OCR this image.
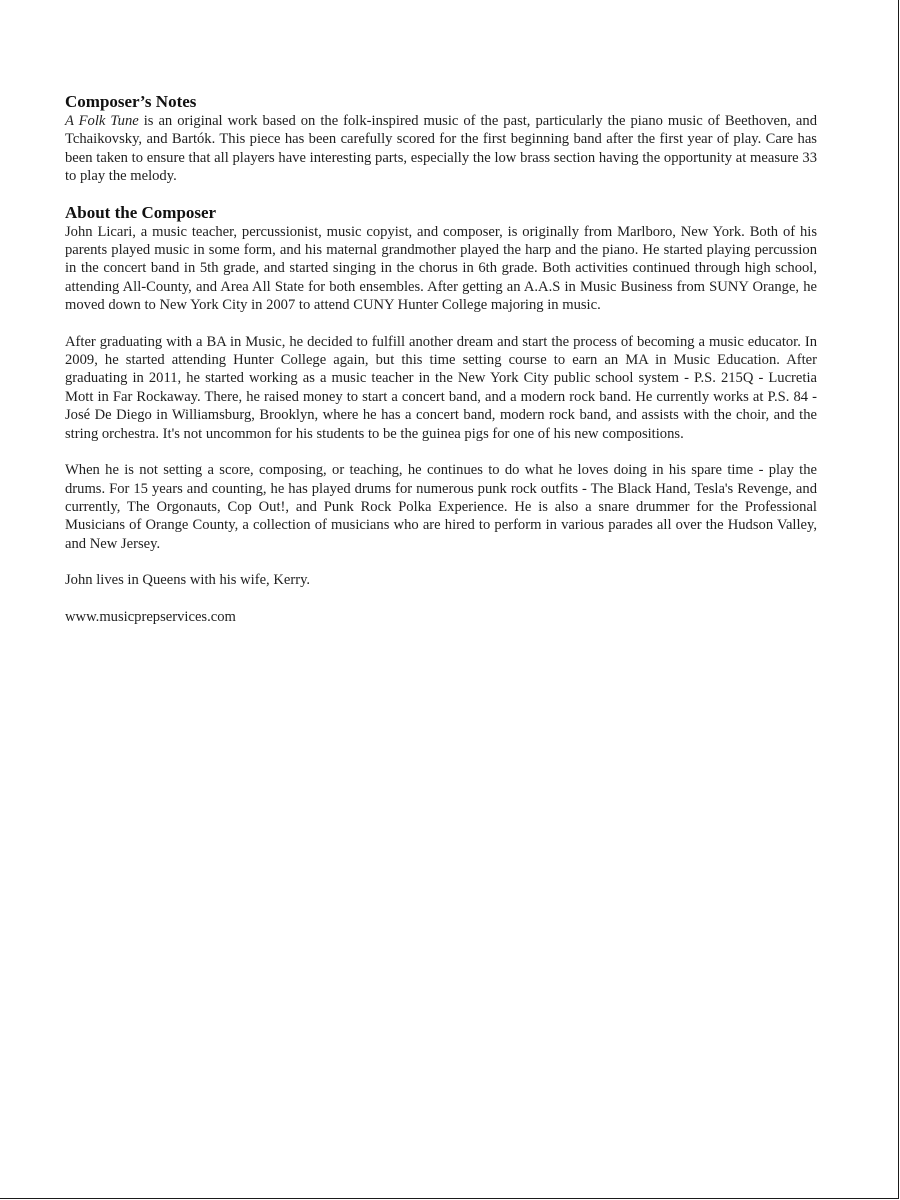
Composer’s Notes

A Folk Tune is an original work based on the folk-inspired music of the past, particularly the piano music of Beethoven, and Tchaikovsky, and Bartók. This piece has been carefully scored for the first beginning band after the first year of play. Care has been taken to ensure that all players have interesting parts, especially the low brass section having the opportunity at measure 33 to play the melody.

About the Composer

John Licari, a music teacher, percussionist, music copyist, and composer, is originally from Marlboro, New York. Both of his parents played music in some form, and his maternal grandmother played the harp and the piano. He started playing percussion in the concert band in 5th grade, and started singing in the chorus in 6th grade. Both activities continued through high school, attending All-County, and Area All State for both ensembles. After getting an A.A.S in Music Business from SUNY Orange, he moved down to New York City in 2007 to attend CUNY Hunter College majoring in music.

After graduating with a BA in Music, he decided to fulfill another dream and start the process of becoming a music educator. In 2009, he started attending Hunter College again, but this time setting course to earn an MA in Music Education. After graduating in 2011, he started working as a music teacher in the New York City public school system - P.S. 215Q - Lucretia Mott in Far Rockaway. There, he raised money to start a concert band, and a modern rock band. He currently works at P.S. 84 - José De Diego in Williamsburg, Brooklyn, where he has a concert band, modern rock band, and assists with the choir, and the string orchestra. It's not uncommon for his students to be the guinea pigs for one of his new compositions.

When he is not setting a score, composing, or teaching, he continues to do what he loves doing in his spare time - play the drums. For 15 years and counting, he has played drums for numerous punk rock outfits - The Black Hand, Tesla's Revenge, and currently, The Orgonauts, Cop Out!, and Punk Rock Polka Experience. He is also a snare drummer for the Professional Musicians of Orange County, a collection of musicians who are hired to perform in various parades all over the Hudson Valley, and New Jersey.

John lives in Queens with his wife, Kerry.

www.musicprepservices.com
